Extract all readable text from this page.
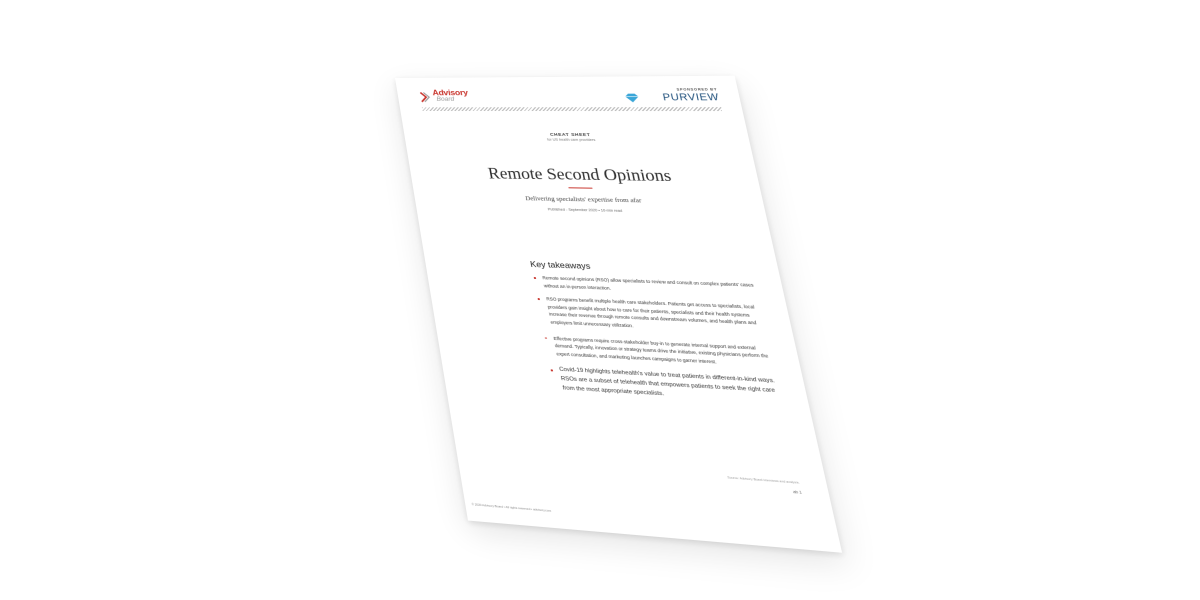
Advisory
Board
SPONSORED BY
PURVIEW
CHEAT SHEET
for US health care providers
Remote Second Opinions
Delivering specialists' expertise from afar
Published - September 2020 • 10-min read
Key takeaways
Remote second opinions (RSO) allow specialists to review and consult on complex patients' cases without an in-person interaction.
RSO programs benefit multiple health care stakeholders. Patients get access to specialists, local providers gain insight about how to care for their patients, specialists and their health systems increase their revenue through remote consults and downstream volumes, and health plans and employers limit unnecessary utilization.
Effective programs require cross-stakeholder buy-in to generate internal support and external demand. Typically, innovation or strategy teams drive the initiative, existing physicians perform the expert consultation, and marketing launches campaigns to garner interest.
Covid-19 highlights telehealth's value to treat patients in different-in-kind ways. RSOs are a subset of telehealth that empowers patients to seek the right care from the most appropriate specialists.
Source: Advisory Board interviews and analysis.
ab 1
© 2020 Advisory Board • All rights reserved • advisory.com
